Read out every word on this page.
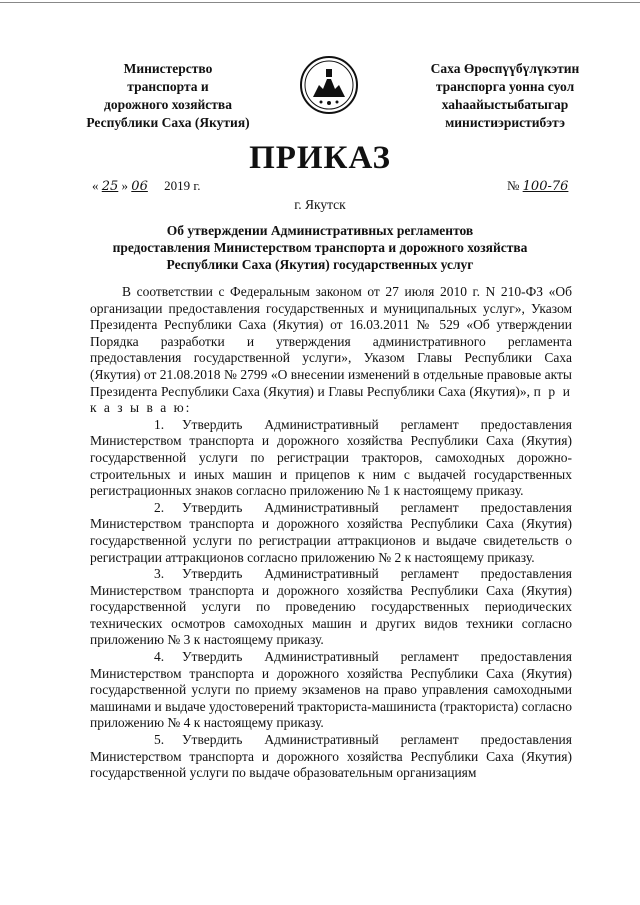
Министерство
транспорта и
дорожного хозяйства
Республики Саха (Якутия)
Саха Өрөспүүбүлүкэтин
транспорга уонна суол
хаһаайыстыбатыгар
министиэристибэтэ
ПРИКАЗ
« 25 » 06 2019 г.	№ 100-76
г. Якутск
Об утверждении Административных регламентов
предоставления Министерством транспорта и дорожного хозяйства
Республики Саха (Якутия) государственных услуг

В соответствии с Федеральным законом от 27 июля 2010 г. N 210-ФЗ «Об организации предоставления государственных и муниципальных услуг», Указом Президента Республики Саха (Якутия) от 16.03.2011 № 529 «Об утверждении Порядка разработки и утверждения административного регламента предоставления государственной услуги», Указом Главы Республики Саха (Якутия) от 21.08.2018 № 2799 «О внесении изменений в отдельные правовые акты Президента Республики Саха (Якутия) и Главы Республики Саха (Якутия)», п р и к а з ы в а ю:

1. Утвердить Административный регламент предоставления Министерством транспорта и дорожного хозяйства Республики Саха (Якутия) государственной услуги по регистрации тракторов, самоходных дорожно-строительных и иных машин и прицепов к ним с выдачей государственных регистрационных знаков согласно приложению № 1 к настоящему приказу.

2. Утвердить Административный регламент предоставления Министерством транспорта и дорожного хозяйства Республики Саха (Якутия) государственной услуги по регистрации аттракционов и выдаче свидетельств о регистрации аттракционов согласно приложению № 2 к настоящему приказу.

3. Утвердить Административный регламент предоставления Министерством транспорта и дорожного хозяйства Республики Саха (Якутия) государственной услуги по проведению государственных периодических технических осмотров самоходных машин и других видов техники согласно приложению № 3 к настоящему приказу.

4. Утвердить Административный регламент предоставления Министерством транспорта и дорожного хозяйства Республики Саха (Якутия) государственной услуги по приему экзаменов на право управления самоходными машинами и выдаче удостоверений тракториста-машиниста (тракториста) согласно приложению № 4 к настоящему приказу.

5. Утвердить Административный регламент предоставления Министерством транспорта и дорожного хозяйства Республики Саха (Якутия) государственной услуги по выдаче образовательным организациям
